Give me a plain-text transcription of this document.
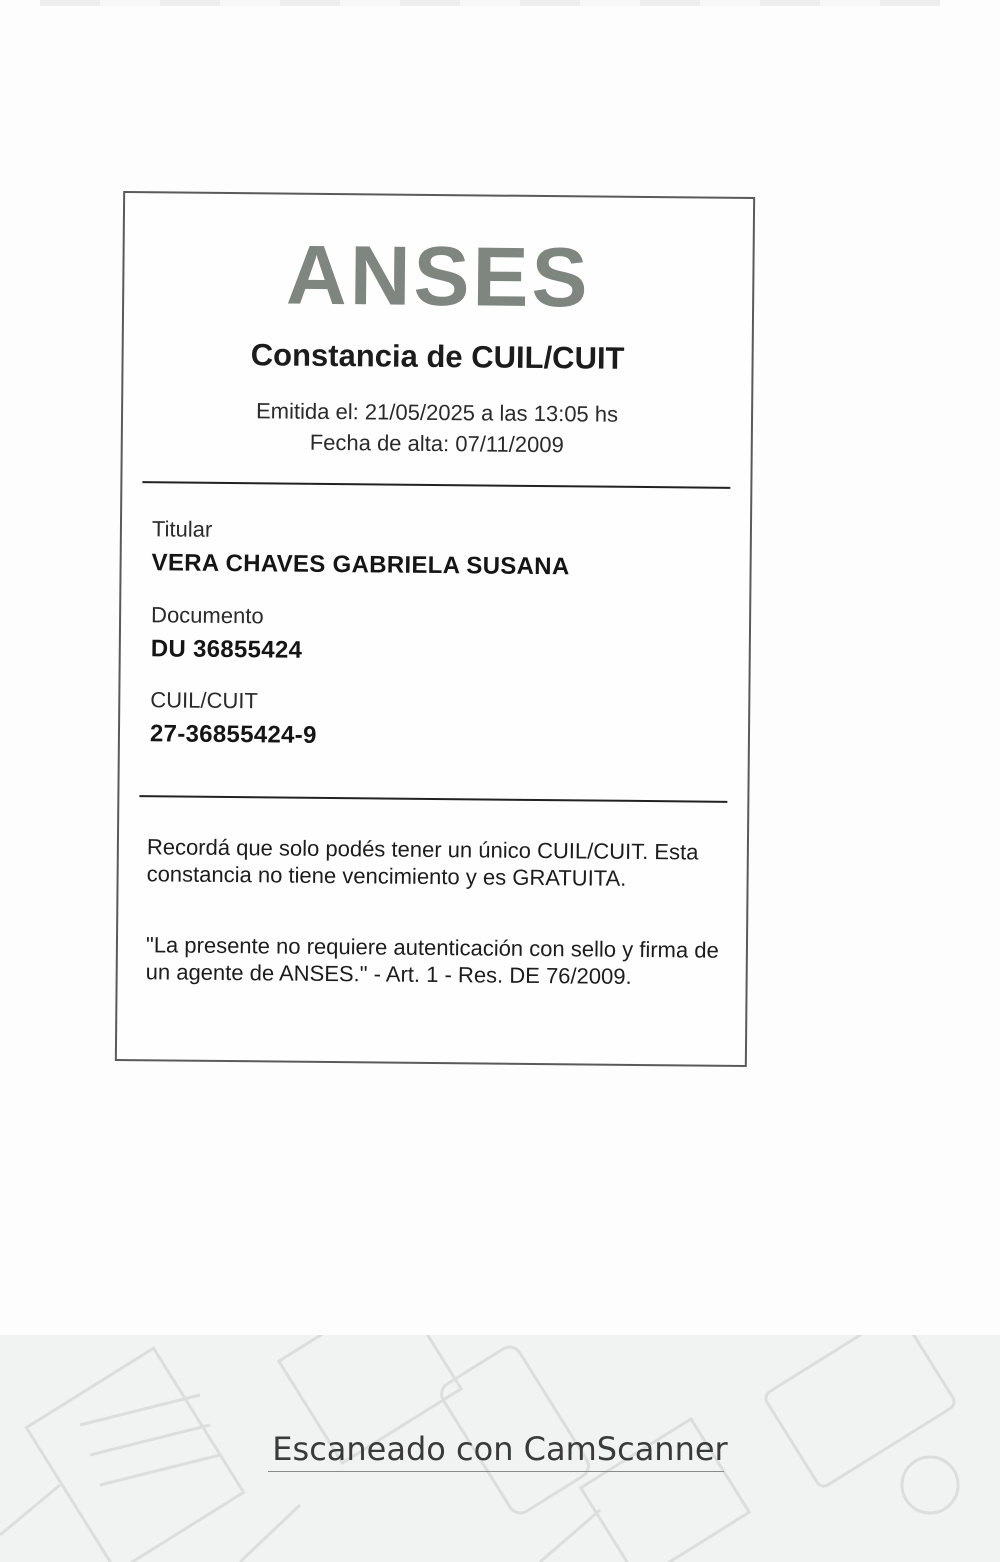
ANSES
Constancia de CUIL/CUIT
Emitida el: 21/05/2025 a las 13:05 hs
Fecha de alta: 07/11/2009
Titular
VERA CHAVES GABRIELA SUSANA
Documento
DU 36855424
CUIL/CUIT
27-36855424-9
Recordá que solo podés tener un único CUIL/CUIT. Esta constancia no tiene vencimiento y es GRATUITA.
"La presente no requiere autenticación con sello y firma de un agente de ANSES." - Art. 1 - Res. DE 76/2009.
Escaneado con CamScanner
